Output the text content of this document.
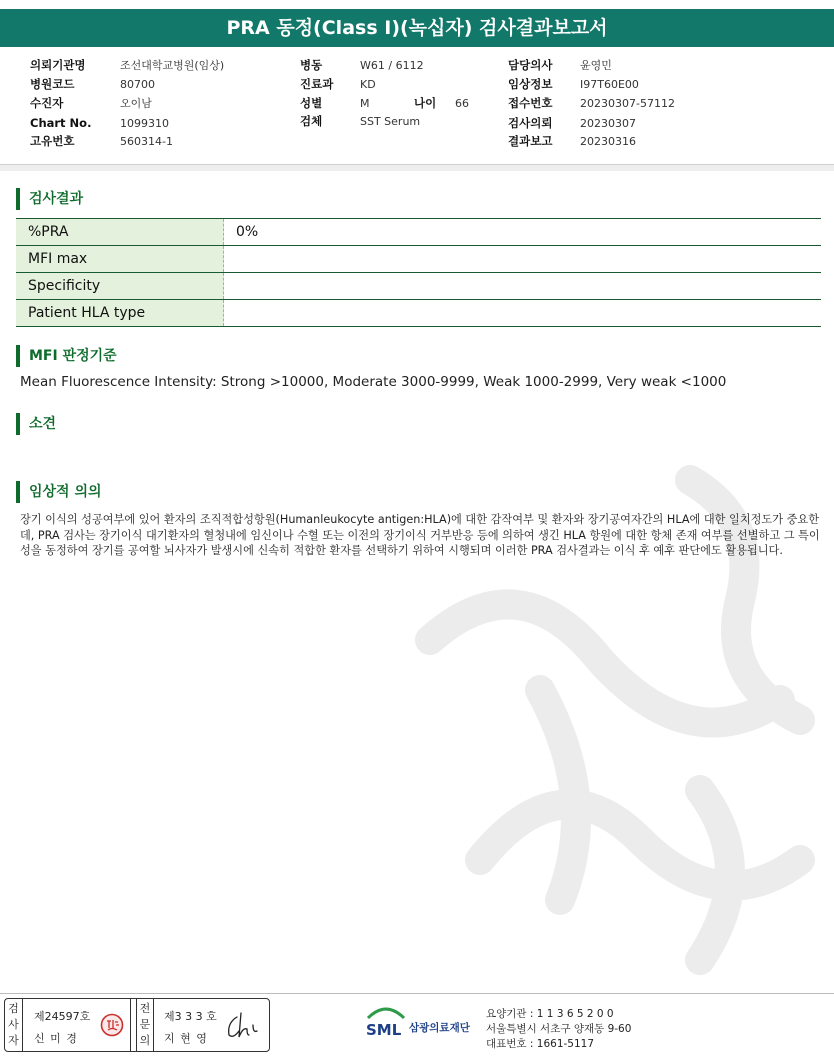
PRA 동정(Class I)(녹십자) 검사결과보고서
의뢰기관명	조선대학교병원(임상)
병원코드	80700
수진자	오이남
Chart No.	1099310
고유번호	560314-1
병동	W61 / 6112
진료과 KD
성별	M	나이 66
검체	SST Serum
담당의사	윤영민
임상정보	I97T60E00
접수번호	20230307-57112
검사의뢰	20230307
결과보고	20230316
검사결과
%PRA	0%
MFI max	
Specificity	
Patient HLA type	
MFI 판정기준
Mean Fluorescence Intensity: Strong >10000, Moderate 3000-9999, Weak 1000-2999, Very weak <1000
소견
임상적 의의
장기 이식의 성공여부에 있어 환자의 조직적합성항원(Humanleukocyte antigen:HLA)에 대한 감작여부 및 환자와 장기공여자간의 HLA에 대한 일치정도가 중요한데, PRA 검사는 장기이식 대기환자의 혈청내에 임신이나 수혈 또는 이전의 장기이식 거부반응 등에 의하여 생긴 HLA 항원에 대한 항체 존재 여부를 선별하고 그 특이성을 동정하여 장기를 공여할 뇌사자가 발생시에 신속히 적합한 환자를 선택하기 위하여 시행되며 이러한 PRA 검사결과는 이식 후 예후 판단에도 활용됩니다.
검사자
제24597호
신 미 경
전문의
제3 3 3 호
지 현 영	SML 삼광의료재단
요양기관 : 1 1 3 6 5 2 0 0
서울특별시 서초구 양재동 9-60
대표번호 : 1661-5117
